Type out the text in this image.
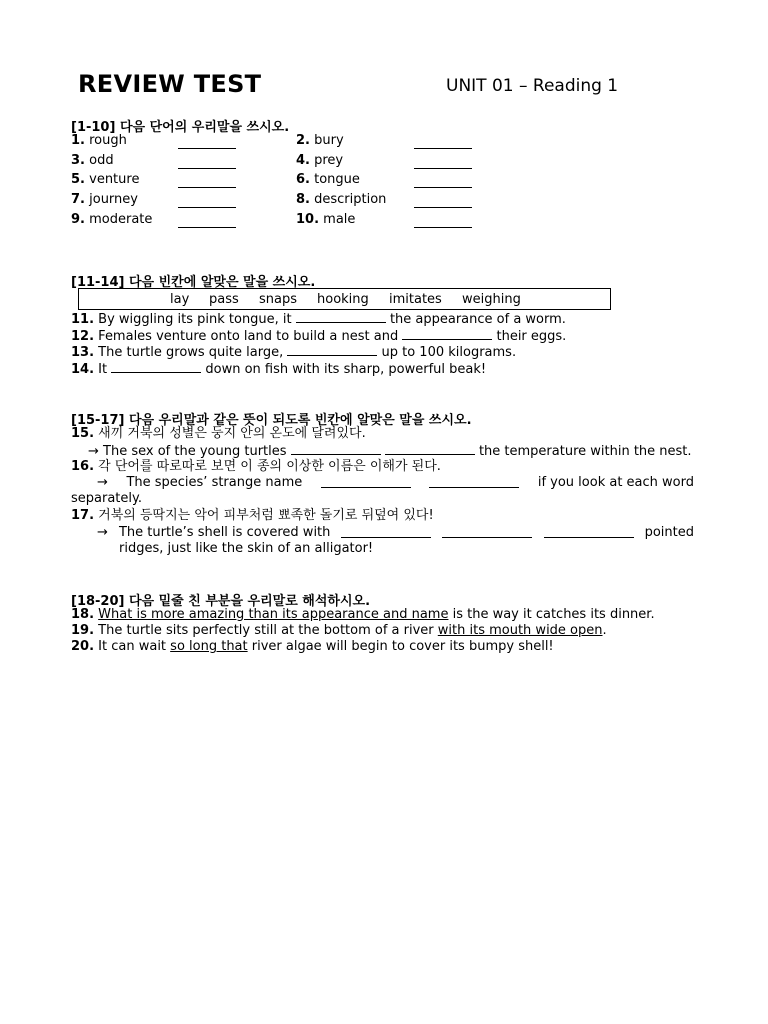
REVIEW TEST	UNIT 01 – Reading 1
[1-10] 다음 단어의 우리말을 쓰시오.
1. rough	2. bury
3. odd	4. prey
5. venture	6. tongue
7. journey	8. description
9. moderate	10. male
[11-14] 다음 빈칸에 알맞은 말을 쓰시오.
lay pass snaps hooking imitates weighing
11. By wiggling its pink tongue, it	the appearance of a worm.
12. Females venture onto land to build a nest and	their eggs.
13. The turtle grows quite large,	up to 100 kilograms.
14. It	down on fish with its sharp, powerful beak!
[15-17] 다음 우리말과 같은 뜻이 되도록 빈칸에 알맞은 말을 쓰시오.
15. 새끼 거북의 성별은 둥지 안의 온도에 달려있다.
→ The sex of the young turtles	the temperature within the nest.
16. 각 단어를 따로따로 보면 이 종의 이상한 이름은 이해가 된다.
→ The species’ strange name	if you look at each word
separately.
17. 거북의 등딱지는 악어 피부처럼 뾰족한 돌기로 뒤덮여 있다!
→ The turtle’s shell is covered with	pointed
ridges, just like the skin of an alligator!
[18-20] 다음 밑줄 친 부분을 우리말로 해석하시오.
18. What is more amazing than its appearance and name is the way it catches its dinner.
19. The turtle sits perfectly still at the bottom of a river with its mouth wide open.
20. It can wait so long that river algae will begin to cover its bumpy shell!
